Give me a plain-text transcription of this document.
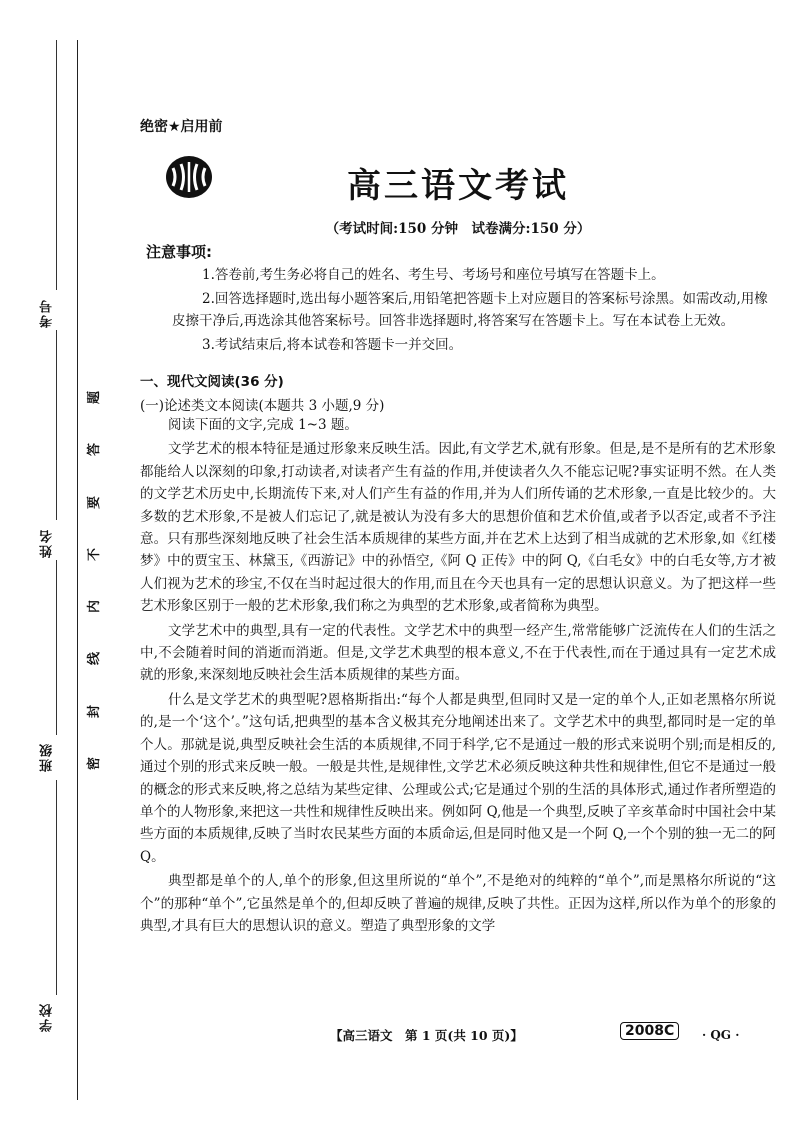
考号
姓名
班级
学校
题
答
要
不
内
线
封
密
绝密★启用前
高三语文考试
（考试时间:150 分钟　试卷满分:150 分）
注意事项:

1.答卷前,考生务必将自己的姓名、考生号、考场号和座位号填写在答题卡上。

2.回答选择题时,选出每小题答案后,用铅笔把答题卡上对应题目的答案标号涂黑。如需改动,用橡皮擦干净后,再选涂其他答案标号。回答非选择题时,将答案写在答题卡上。写在本试卷上无效。

3.考试结束后,将本试卷和答题卡一并交回。

一、现代文阅读(36 分)
(一)论述类文本阅读(本题共 3 小题,9 分)

阅读下面的文字,完成 1~3 题。

文学艺术的根本特征是通过形象来反映生活。因此,有文学艺术,就有形象。但是,是不是所有的艺术形象都能给人以深刻的印象,打动读者,对读者产生有益的作用,并使读者久久不能忘记呢?事实证明不然。在人类的文学艺术历史中,长期流传下来,对人们产生有益的作用,并为人们所传诵的艺术形象,一直是比较少的。大多数的艺术形象,不是被人们忘记了,就是被认为没有多大的思想价值和艺术价值,或者予以否定,或者不予注意。只有那些深刻地反映了社会生活本质规律的某些方面,并在艺术上达到了相当成就的艺术形象,如《红楼梦》中的贾宝玉、林黛玉,《西游记》中的孙悟空,《阿 Q 正传》中的阿 Q,《白毛女》中的白毛女等,方才被人们视为艺术的珍宝,不仅在当时起过很大的作用,而且在今天也具有一定的思想认识意义。为了把这样一些艺术形象区别于一般的艺术形象,我们称之为典型的艺术形象,或者简称为典型。

文学艺术中的典型,具有一定的代表性。文学艺术中的典型一经产生,常常能够广泛流传在人们的生活之中,不会随着时间的消逝而消逝。但是,文学艺术典型的根本意义,不在于代表性,而在于通过具有一定艺术成就的形象,来深刻地反映社会生活本质规律的某些方面。

什么是文学艺术的典型呢?恩格斯指出:“每个人都是典型,但同时又是一定的单个人,正如老黑格尔所说的,是一个‘这个’。”这句话,把典型的基本含义极其充分地阐述出来了。文学艺术中的典型,都同时是一定的单个人。那就是说,典型反映社会生活的本质规律,不同于科学,它不是通过一般的形式来说明个别;而是相反的,通过个别的形式来反映一般。一般是共性,是规律性,文学艺术必须反映这种共性和规律性,但它不是通过一般的概念的形式来反映,将之总结为某些定律、公理或公式;它是通过个别的生活的具体形式,通过作者所塑造的单个的人物形象,来把这一共性和规律性反映出来。例如阿 Q,他是一个典型,反映了辛亥革命时中国社会中某些方面的本质规律,反映了当时农民某些方面的本质命运,但是同时他又是一个阿 Q,一个个别的独一无二的阿 Q。

典型都是单个的人,单个的形象,但这里所说的“单个”,不是绝对的纯粹的“单个”,而是黑格尔所说的“这个”的那种“单个”,它虽然是单个的,但却反映了普遍的规律,反映了共性。正因为这样,所以作为单个的形象的典型,才具有巨大的思想认识的意义。塑造了典型形象的文学

【高三语文　第 1 页(共 10 页)】	2008C	· QG ·
